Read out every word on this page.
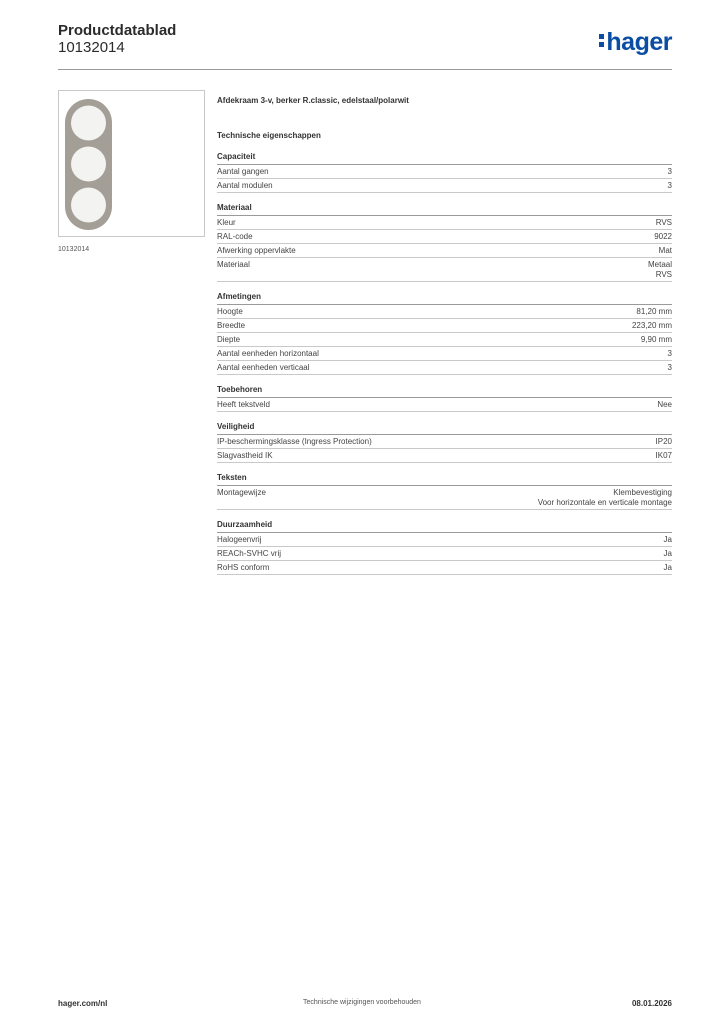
Productdatablad
10132014	hager
10132014
Afdekraam 3-v, berker R.classic, edelstaal/polarwit
Technische eigenschappen
Capaciteit
Aantal gangen	3
Aantal modulen	3
Materiaal
Kleur	RVS
RAL-code	9022
Afwerking oppervlakte	Mat
Materiaal	Metaal
RVS
Afmetingen
Hoogte	81,20 mm
Breedte	223,20 mm
Diepte	9,90 mm
Aantal eenheden horizontaal	3
Aantal eenheden verticaal	3
Toebehoren
Heeft tekstveld	Nee
Veiligheid
IP-beschermingsklasse (Ingress Protection)	IP20
Slagvastheid IK	IK07
Teksten
Montagewijze	Klembevestiging
Voor horizontale en verticale montage
Duurzaamheid
Halogeenvrij	Ja
REACh-SVHC vrij	Ja
RoHS conform	Ja
hager.com/nl	Technische wijzigingen voorbehouden	08.01.2026
